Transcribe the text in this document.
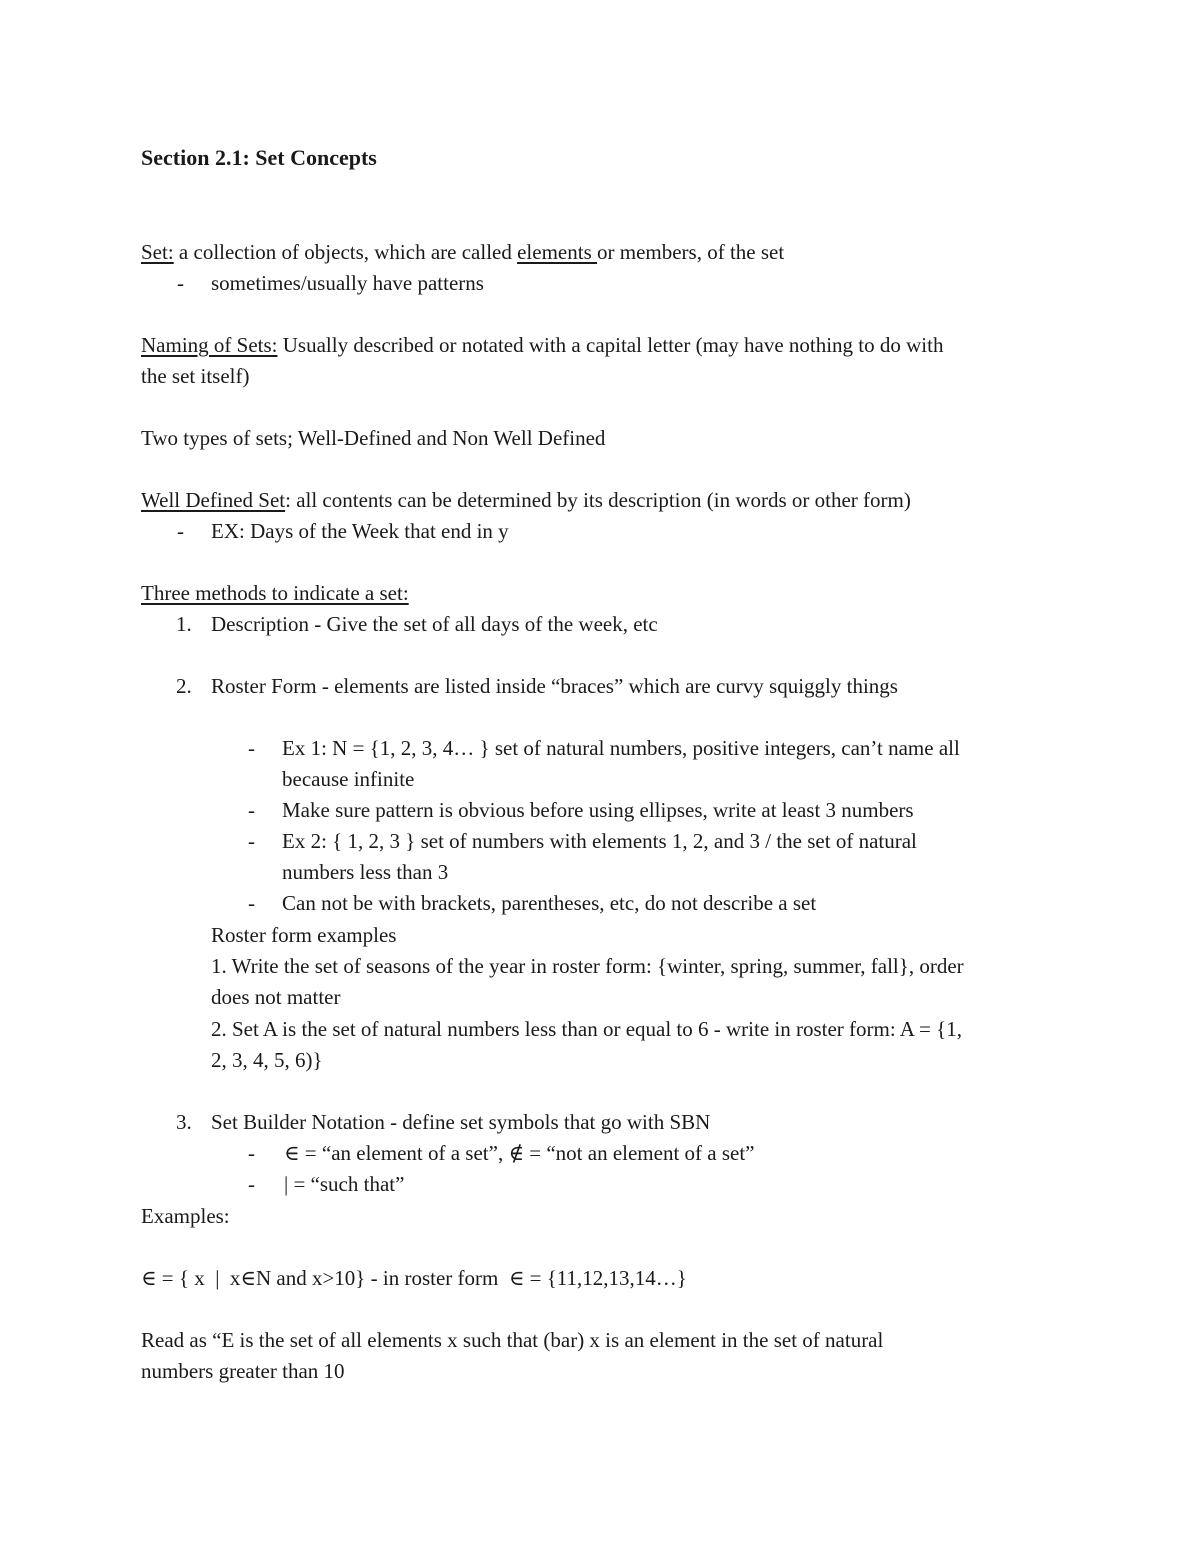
Section 2.1: Set Concepts
Set: a collection of objects, which are called elements or members, of the set
- sometimes/usually have patterns
Naming of Sets: Usually described or notated with a capital letter (may have nothing to do with
the set itself)
Two types of sets; Well-Defined and Non Well Defined
Well Defined Set: all contents can be determined by its description (in words or other form)
- EX: Days of the Week that end in y
Three methods to indicate a set:
1. Description - Give the set of all days of the week, etc
2. Roster Form - elements are listed inside “braces” which are curvy squiggly things
- Ex 1: N = {1, 2, 3, 4… } set of natural numbers, positive integers, can’t name all
because infinite
- Make sure pattern is obvious before using ellipses, write at least 3 numbers
- Ex 2: { 1, 2, 3 } set of numbers with elements 1, 2, and 3 / the set of natural
numbers less than 3
- Can not be with brackets, parentheses, etc, do not describe a set
Roster form examples
1. Write the set of seasons of the year in roster form: {winter, spring, summer, fall}, order
does not matter
2. Set A is the set of natural numbers less than or equal to 6 - write in roster form: A = {1,
2, 3, 4, 5, 6)}
3. Set Builder Notation - define set symbols that go with SBN
- ∈ = “an element of a set”, ∉ = “not an element of a set”
- | = “such that”
Examples:
∈ = { x  |  x∈N and x>10} - in roster form  ∈ = {11,12,13,14…}
Read as “E is the set of all elements x such that (bar) x is an element in the set of natural
numbers greater than 10
